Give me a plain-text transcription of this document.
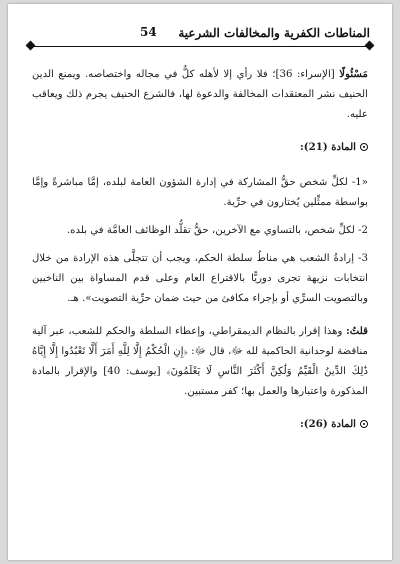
المناطات الكفرية والمخالفات الشرعية
54

مَسْئُولًا [الإسراء: 36]؛ فلا رأي إلا لأهله كلٌّ في مجاله واختصاصه. ويمنع الدين الحنيف نشر المعتقدات المخالفة والدعوة لها، فالشرع الحنيف يجرم ذلك ويعاقب عليه.

المادة (21):

«1- لكلِّ شخص حقُّ المشاركة في إدارة الشؤون العامة لبلده، إمَّا مباشرةً وإمَّا بواسطة ممثِّلين يُختارون في حرِّية.

2- لكلِّ شخص، بالتساوي مع الآخرين، حقُّ تقلُّد الوظائف العامَّة في بلده.

3- إرادةُ الشعب هي مناطُ سلطة الحكم، ويجب أن تتجلَّى هذه الإرادة من خلال انتخابات نزيهة تجرى دوريًّا بالاقتراع العام وعلى قدم المساواة بين الناخبين وبالتصويت السرِّي أو بإجراء مكافئ من حيث ضمان حرِّية التصويت». هـ.

قلتُ: وهذا إقرار بالنظام الديمقراطي، وإعطاء السلطة والحكم للشعب، عبر آلية مناقضة لوحدانية الحاكمية لله ﷻ، قال ﷻ: ﴿إِنِ الْحُكْمُ إِلَّا لِلَّهِ أَمَرَ أَلَّا تَعْبُدُوا إِلَّا إِيَّاهُ ذَٰلِكَ الدِّينُ الْقَيِّمُ وَلَٰكِنَّ أَكْثَرَ النَّاسِ لَا يَعْلَمُونَ﴾ [يوسف: 40] والإقرار بالمادة المذكورة واعتبارها والعمل بها؛ كفر مستبين.

المادة (26):
